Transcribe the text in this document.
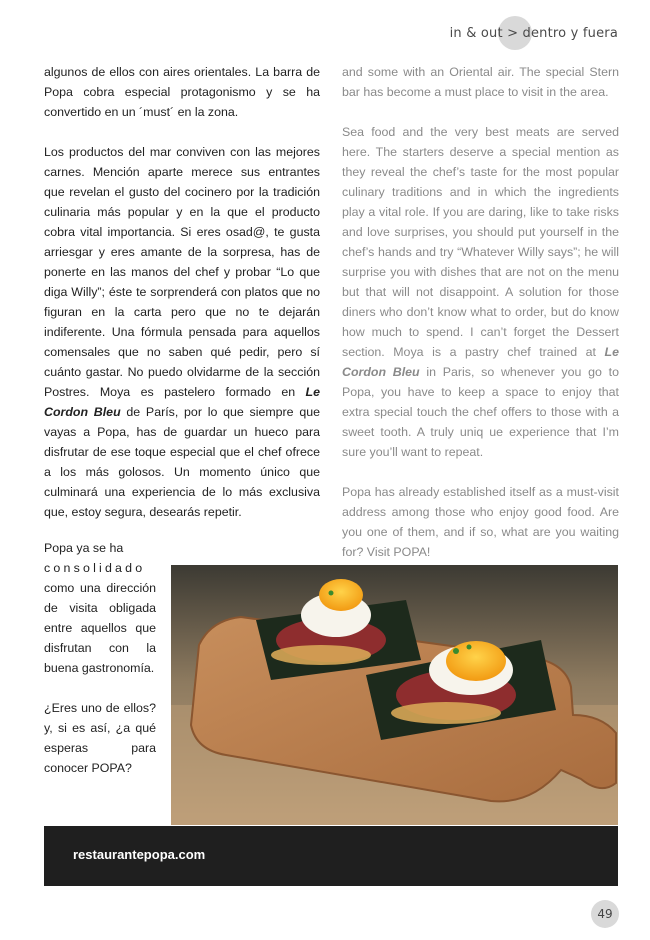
in & out > dentro y fuera

algunos de ellos con aires orientales. La barra de Popa cobra especial protagonismo y se ha convertido en un ´must´ en la zona.

Los productos del mar conviven con las mejores carnes. Mención aparte merece sus entrantes que revelan el gusto del cocinero por la tradición culinaria más popular y en la que el producto cobra vital importancia. Si eres osad@, te gusta arriesgar y eres amante de la sorpresa, has de ponerte en las manos del chef y probar “Lo que diga Willy”; éste te sorprenderá con platos que no figuran en la carta pero que no te dejarán indiferente. Una fórmula pensada para aquellos comensales que no saben qué pedir, pero sí cuánto gastar. No puedo olvidarme de la sección Postres. Moya es pastelero formado en Le Cordon Bleu de París, por lo que siempre que vayas a Popa, has de guardar un hueco para disfrutar de ese toque especial que el chef ofrece a los más golosos. Un momento único que culminará una experiencia de lo más exclusiva que, estoy segura, desearás repetir.

and some with an Oriental air. The special Stern bar has become a must place to visit in the area.

Sea food and the very best meats are served here. The starters deserve a special mention as they reveal the chef’s taste for the most popular culinary traditions and in which the ingredients play a vital role. If you are daring, like to take risks and love surprises, you should put yourself in the chef’s hands and try “Whatever Willy says”; he will surprise you with dishes that are not on the menu but that will not disappoint. A solution for those diners who don’t know what to order, but do know how much to spend. I can’t forget the Dessert section. Moya is a pastry chef trained at Le Cordon Bleu in Paris, so whenever you go to Popa, you have to keep a space to enjoy that extra special touch the chef offers to those with a sweet tooth. A truly uniq ue experience that I’m sure you’ll want to repeat.

Popa has already established itself as a must-visit address among those who enjoy good food. Are you one of them, and if so, what are you waiting for? Visit POPA!

Popa ya se ha
consolidado
como una dirección de visita obligada entre aquellos que disfrutan con la buena gastronomía.

¿Eres uno de ellos? y, si es así, ¿a qué esperas para conocer POPA?

restaurantepopa.com
49
